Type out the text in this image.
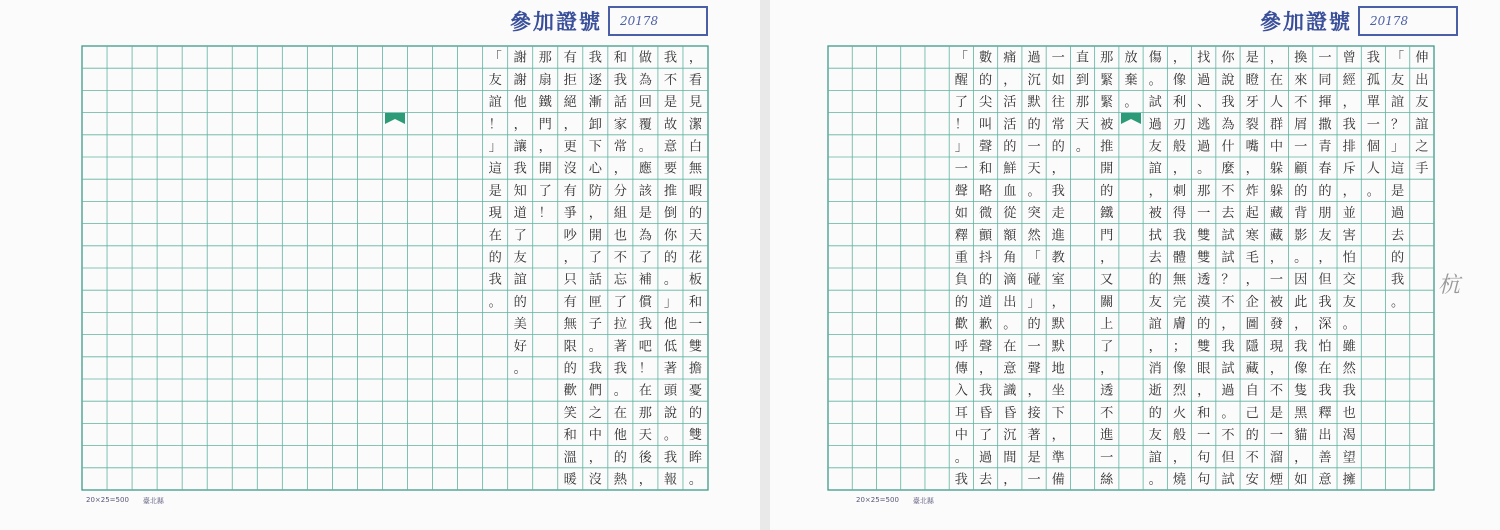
參加證號 20178
，
看
見
潔
白
無
暇
的
天
花
板
和
一
雙
擔
憂
的
雙
眸
。
我
不
是
故
意
要
推
倒
你
的
。
」
他
低
著
頭
說
。
我
報
做
為
回
覆
。
應
該
是
為
了
補
償
我
吧
！
在
那
天
後
，
和
我
話
家
常
，
分
組
也
不
忘
了
拉
著
我
。
在
他
的
熱
我
逐
漸
卸
下
心
防
，
開
了
話
匣
子
。
我
們
之
中
，
沒
有
拒
絕
，
更
沒
有
爭
吵
，
只
有
無
限
的
歡
笑
和
溫
暖
那
扇
鐵
門
，
開
了
！
謝
謝
他
，
讓
我
知
道
了
友
誼
的
美
好
。
「
友
誼
！
」
這
是
現
在
的
我
。
20×25=500 臺北縣
參加證號 20178
伸
出
友
誼
之
手
「
友
誼
？
」
這
是
過
去
的
我
。
我
孤
單
一
個
人
。
曾
經
，
我
排
斥
，
並
害
怕
交
友
。
雖
然
我
也
渴
望
擁
一
同
揮
撒
青
春
的
朋
友
，
但
我
深
怕
在
我
釋
出
善
意
換
來
不
屑
一
顧
的
背
影
。
因
此
，
我
像
隻
黑
貓
，
如
，
在
人
群
中
躲
躲
藏
藏
，
一
被
發
現
，
不
是
一
溜
煙
是
瞪
牙
裂
嘴
，
炸
起
寒
毛
，
企
圖
隱
藏
自
己
的
不
安
你
說
我
為
什
麼
不
去
試
試
？
不
，
我
試
過
。
不
但
試
找
過
、
逃
過
。
那
一
雙
雙
透
漠
的
雙
眼
，
和
一
句
句
，
像
利
刃
般
，
刺
得
我
體
無
完
膚
；
像
烈
火
般
，
燒
傷
。
試
過
友
誼
，
被
拭
去
的
友
誼
，
消
逝
的
友
誼
。
放
棄
。
那
緊
緊
被
推
開
的
鐵
門
，
又
關
上
了
，
透
不
進
一
絲
直
到
那
天
。
一
如
往
常
的
，
我
走
進
教
室
，
默
默
地
坐
下
，
準
備
過
沉
默
的
一
天
。
突
然
「
碰
」
的
一
聲
，
接
著
是
一
痛
，
活
活
的
鮮
血
從
額
角
滴
出
。
在
意
識
昏
沉
間
，
數
的
尖
叫
聲
和
略
微
顫
抖
的
道
歉
聲
，
我
昏
了
過
去
「
醒
了
！
」
一
聲
如
釋
重
負
的
歡
呼
傳
入
耳
中
。
我
20×25=500 臺北縣
杭
